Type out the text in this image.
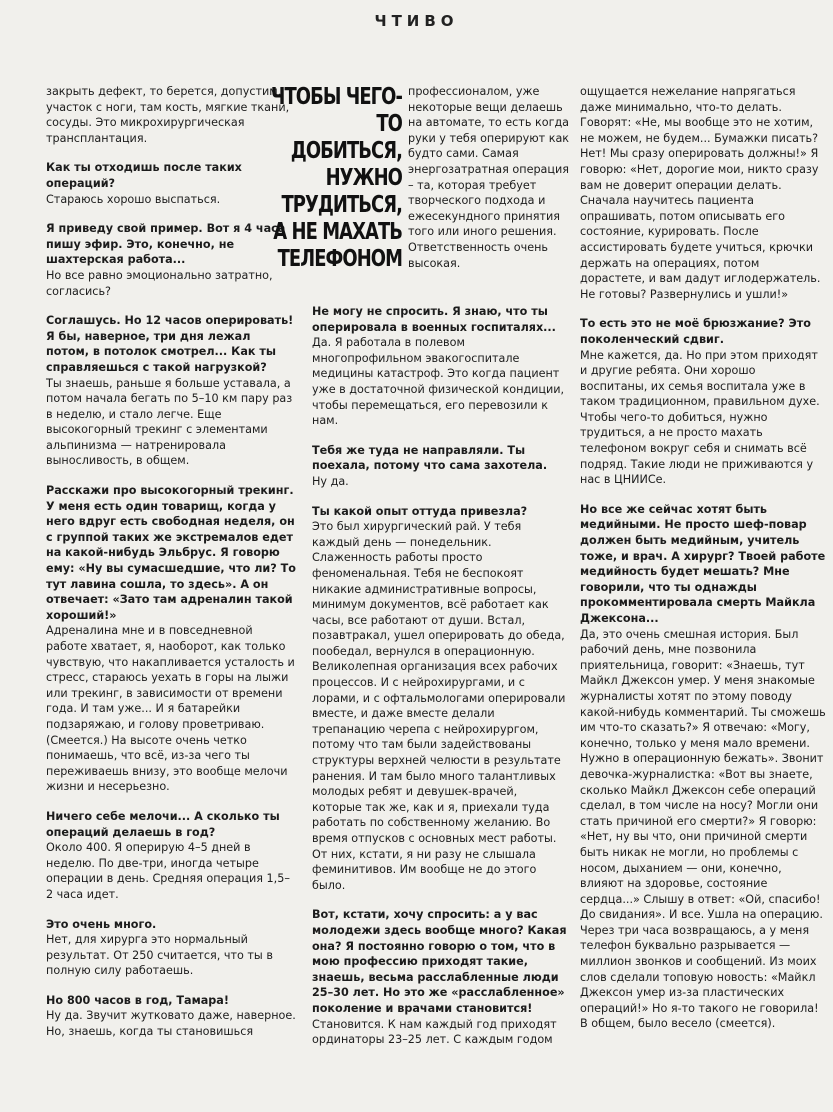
ЧТИВО

закрыть дефект, то берется, допустим, участок с ноги, там кость, мягкие ткани, сосуды. Это микрохирургическая трансплантация.

Как ты отходишь после таких операций?

Стараюсь хорошо выспаться.

Я приведу свой пример. Вот я 4 часа пишу эфир. Это, конечно, не шахтерская работа...

Но все равно эмоционально затратно, согласись?

Соглашусь. Но 12 часов оперировать! Я бы, наверное, три дня лежал потом, в потолок смотрел... Как ты справляешься с такой нагрузкой?

Ты знаешь, раньше я больше уставала, а потом начала бегать по 5–10 км пару раз в неделю, и стало легче. Еще высокогорный трекинг с элементами альпинизма — натренировала выносливость, в общем.

Расскажи про высокогорный трекинг. У меня есть один товарищ, когда у него вдруг есть свободная неделя, он с группой таких же экстремалов едет на какой-нибудь Эльбрус. Я говорю ему: «Ну вы сумасшедшие, что ли? То тут лавина сошла, то здесь». А он отвечает: «Зато там адреналин такой хороший!»

Адреналина мне и в повседневной работе хватает, я, наоборот, как только чувствую, что накапливается усталость и стресс, стараюсь уехать в горы на лыжи или трекинг, в зависимости от времени года. И там уже... И я батарейки подзаряжаю, и голову проветриваю. (Смеется.) На высоте очень четко понимаешь, что всё, из-за чего ты переживаешь внизу, это вообще мелочи жизни и несерьезно.

Ничего себе мелочи... А сколько ты операций делаешь в год?

Около 400. Я оперирую 4–5 дней в неделю. По две-три, иногда четыре операции в день. Средняя операция 1,5–2 часа идет.

Это очень много.

Нет, для хирурга это нормальный результат. От 250 считается, что ты в полную силу работаешь.

Но 800 часов в год, Тамара!

Ну да. Звучит жутковато даже, наверное. Но, знаешь, когда ты становишься

ЧТОБЫ ЧЕГО-ТО ДОБИТЬСЯ, НУЖНО ТРУДИТЬСЯ, А НЕ МАХАТЬ ТЕЛЕФОНОМ

профессионалом, уже некоторые вещи делаешь на автомате, то есть когда руки у тебя оперируют как будто сами. Самая энергозатратная операция – та, которая требует творческого подхода и ежесекундного принятия того или иного решения. Ответственность очень высокая.

Не могу не спросить. Я знаю, что ты оперировала в военных госпиталях...

Да. Я работала в полевом многопрофильном эвакогоспитале медицины катастроф. Это когда пациент уже в достаточной физической кондиции, чтобы перемещаться, его перевозили к нам.

Тебя же туда не направляли. Ты поехала, потому что сама захотела.

Ну да.

Ты какой опыт оттуда привезла?

Это был хирургический рай. У тебя каждый день — понедельник. Слаженность работы просто феноменальная. Тебя не беспокоят никакие административные вопросы, минимум документов, всё работает как часы, все работают от души. Встал, позавтракал, ушел оперировать до обеда, пообедал, вернулся в операционную. Великолепная организация всех рабочих процессов. И с нейрохирургами, и с лорами, и с офтальмологами оперировали вместе, и даже вместе делали трепанацию черепа с нейрохирургом, потому что там были задействованы структуры верхней челюсти в результате ранения. И там было много талантливых молодых ребят и девушек-врачей, которые так же, как и я, приехали туда работать по собственному желанию. Во время отпусков с основных мест работы. От них, кстати, я ни разу не слышала феминитивов. Им вообще не до этого было.

Вот, кстати, хочу спросить: а у вас молодежи здесь вообще много? Какая она? Я постоянно говорю о том, что в мою профессию приходят такие, знаешь, весьма расслабленные люди 25–30 лет. Но это же «расслабленное» поколение и врачами становится!

Становится. К нам каждый год приходят ординаторы 23–25 лет. С каждым годом

ощущается нежелание напрягаться даже минимально, что-то делать. Говорят: «Не, мы вообще это не хотим, не можем, не будем... Бумажки писать? Нет! Мы сразу оперировать должны!» Я говорю: «Нет, дорогие мои, никто сразу вам не доверит операции делать. Сначала научитесь пациента опрашивать, потом описывать его состояние, курировать. После ассистировать будете учиться, крючки держать на операциях, потом дорастете, и вам дадут иглодержатель. Не готовы? Развернулись и ушли!»

То есть это не моё брюзжание? Это поколенческий сдвиг.

Мне кажется, да. Но при этом приходят и другие ребята. Они хорошо воспитаны, их семья воспитала уже в таком традиционном, правильном духе. Чтобы чего-то добиться, нужно трудиться, а не просто махать телефоном вокруг себя и снимать всё подряд. Такие люди не приживаются у нас в ЦНИИСе.

Но все же сейчас хотят быть медийными. Не просто шеф-повар должен быть медийным, учитель тоже, и врач. А хирург? Твоей работе медийность будет мешать? Мне говорили, что ты однажды прокомментировала смерть Майкла Джексона...

Да, это очень смешная история. Был рабочий день, мне позвонила приятельница, говорит: «Знаешь, тут Майкл Джексон умер. У меня знакомые журналисты хотят по этому поводу какой-нибудь комментарий. Ты сможешь им что-то сказать?» Я отвечаю: «Могу, конечно, только у меня мало времени. Нужно в операционную бежать». Звонит девочка-журналистка: «Вот вы знаете, сколько Майкл Джексон себе операций сделал, в том числе на носу? Могли они стать причиной его смерти?» Я говорю: «Нет, ну вы что, они причиной смерти быть никак не могли, но проблемы с носом, дыханием — они, конечно, влияют на здоровье, состояние сердца...» Слышу в ответ: «Ой, спасибо! До свидания». И все. Ушла на операцию. Через три часа возвращаюсь, а у меня телефон буквально разрывается — миллион звонков и сообщений. Из моих слов сделали топовую новость: «Майкл Джексон умер из-за пластических операций!» Но я-то такого не говорила! В общем, было весело (смеется).
